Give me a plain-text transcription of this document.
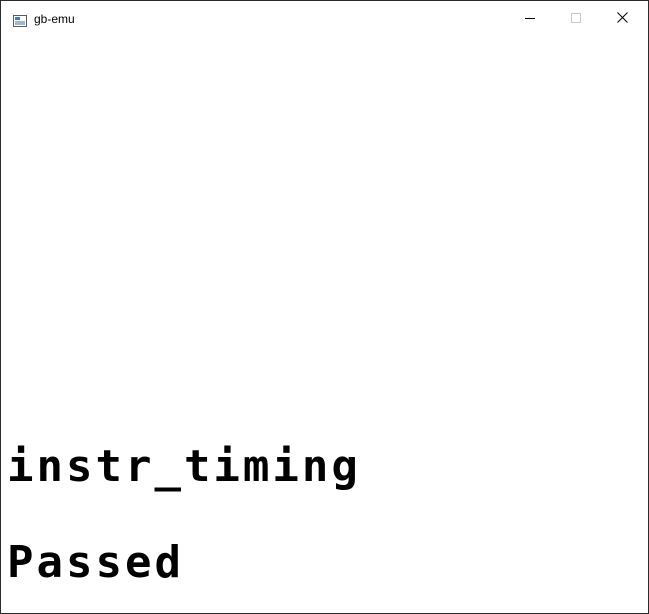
gb-emu
instr_timing
Passed
